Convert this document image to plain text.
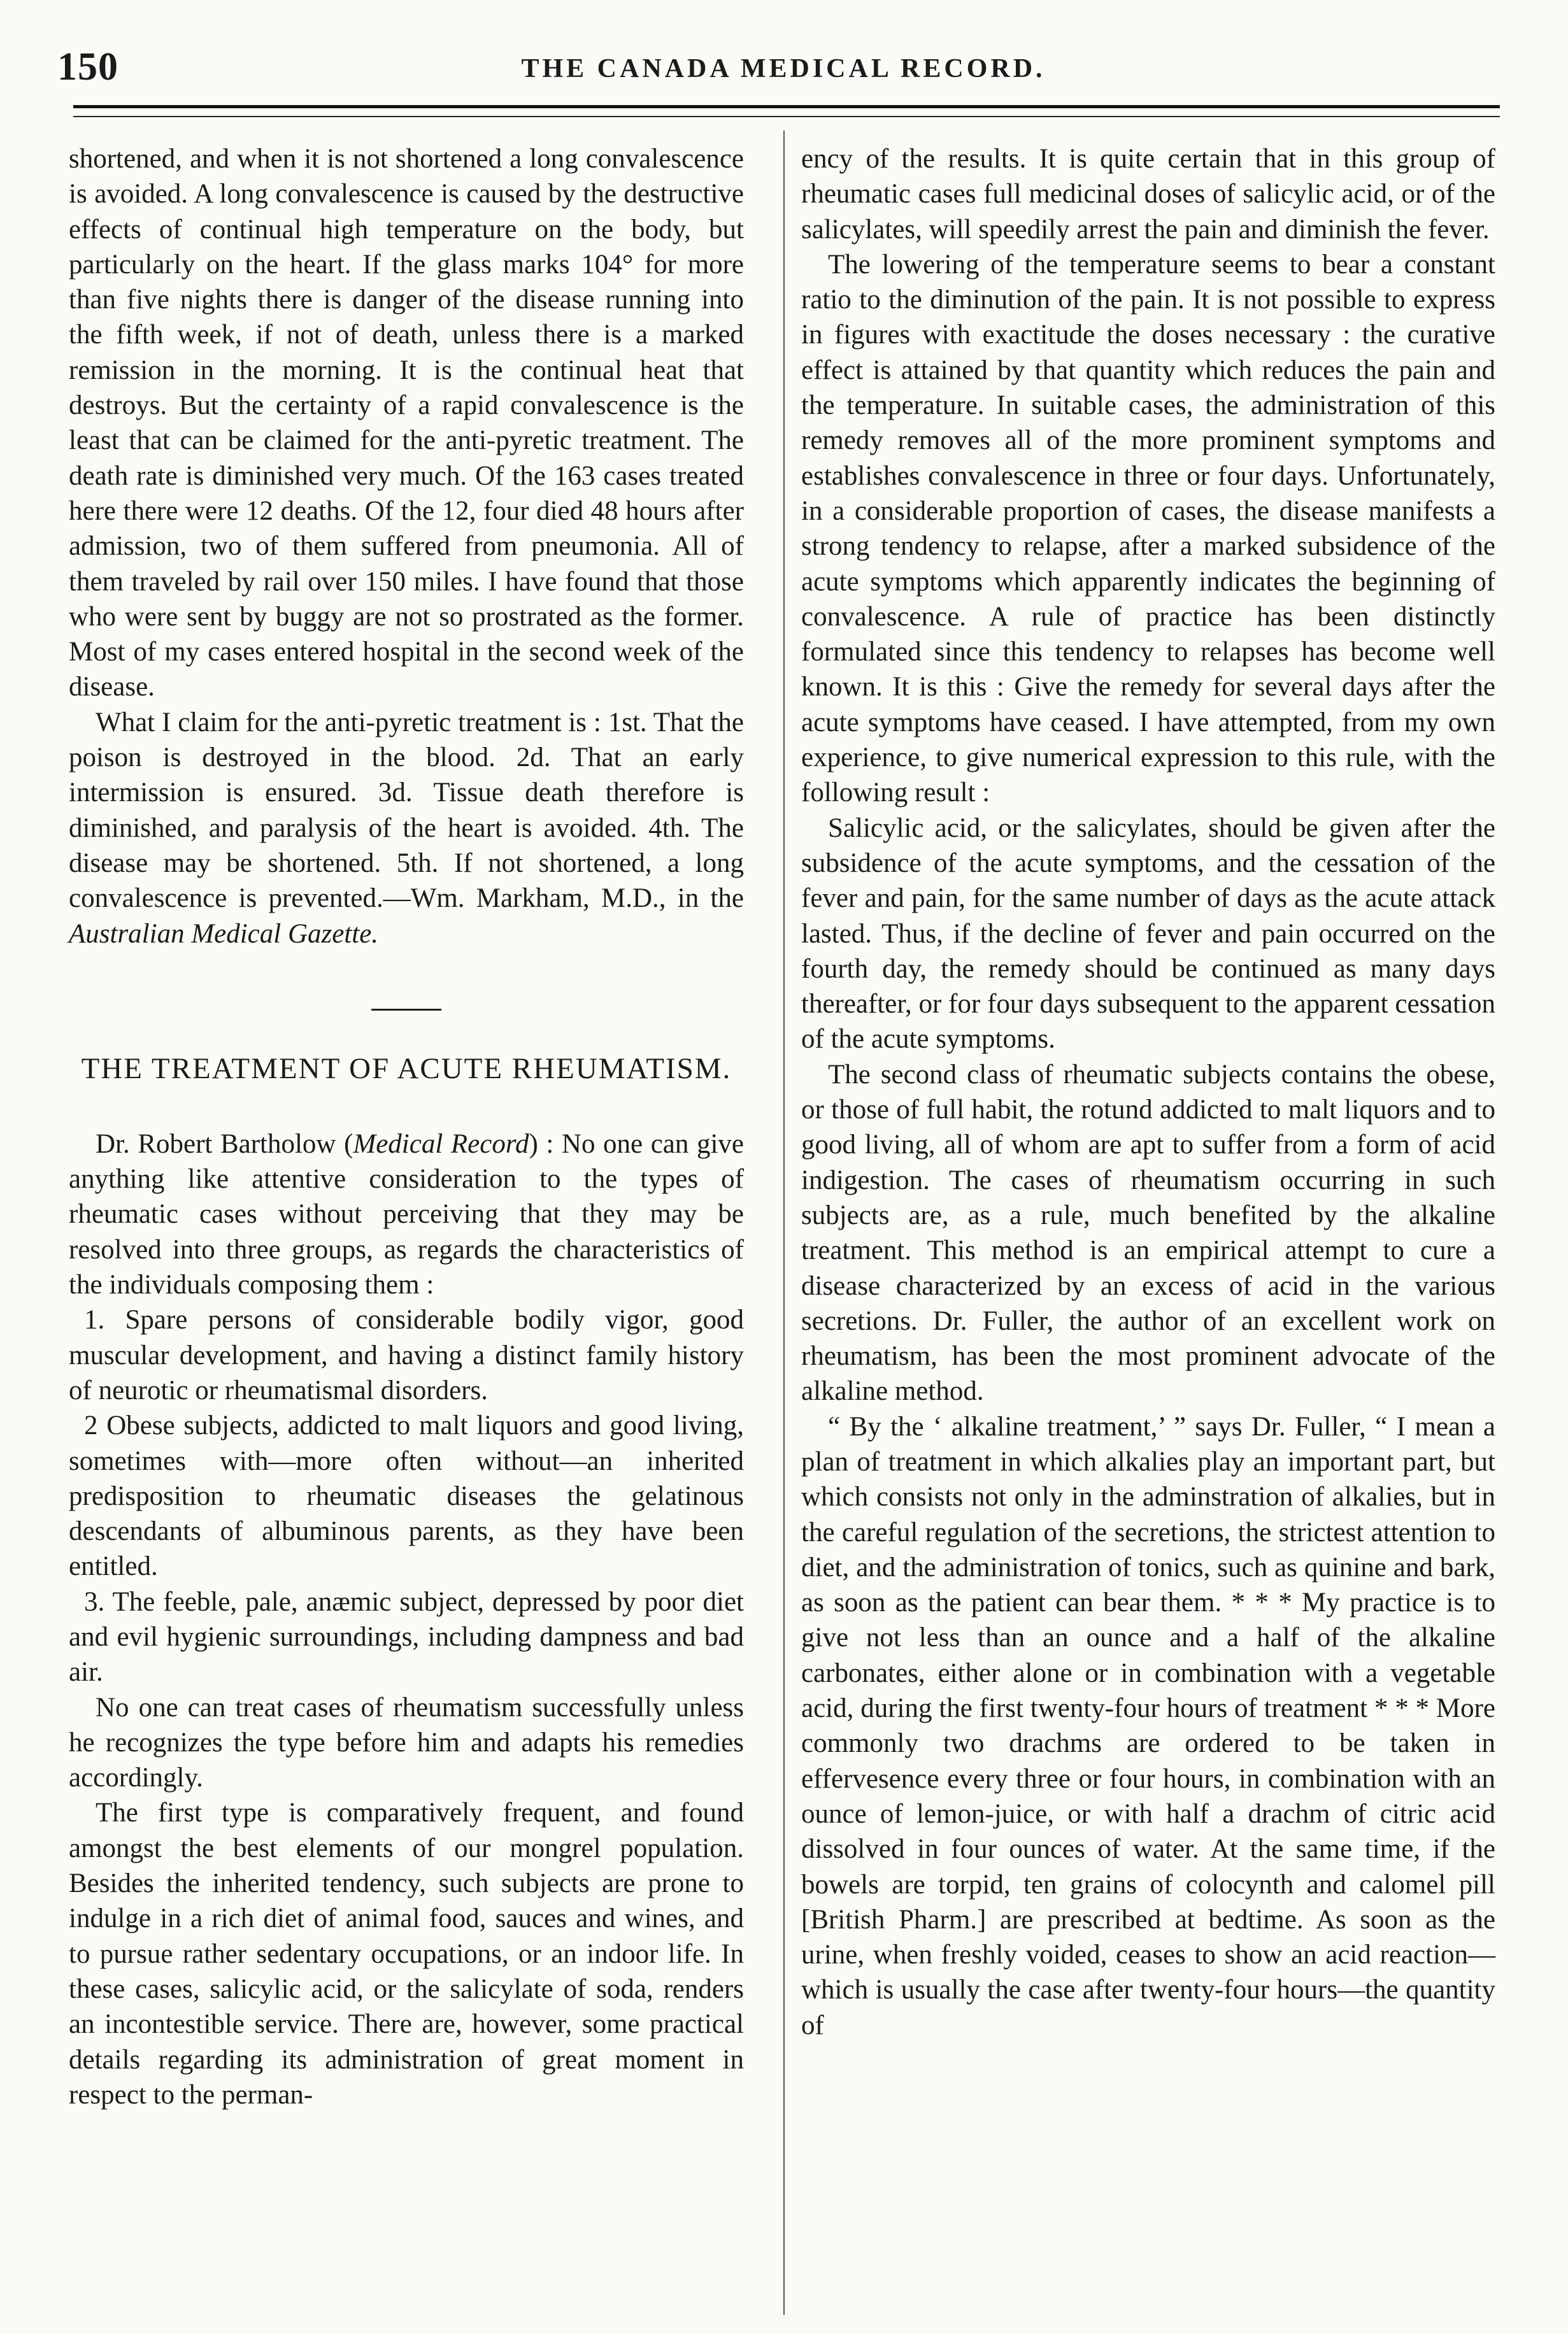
150	THE CANADA MEDICAL RECORD.

shortened, and when it is not shortened a long convalescence is avoided. A long convalescence is caused by the destructive effects of continual high temperature on the body, but particularly on the heart. If the glass marks 104° for more than five nights there is danger of the disease running into the fifth week, if not of death, unless there is a marked remission in the morning. It is the continual heat that destroys. But the certainty of a rapid convalescence is the least that can be claimed for the anti-pyretic treatment. The death rate is diminished very much. Of the 163 cases treated here there were 12 deaths. Of the 12, four died 48 hours after admission, two of them suffered from pneumonia. All of them traveled by rail over 150 miles. I have found that those who were sent by buggy are not so prostrated as the former. Most of my cases entered hospital in the second week of the disease.

What I claim for the anti-pyretic treatment is : 1st. That the poison is destroyed in the blood. 2d. That an early intermission is ensured. 3d. Tissue death therefore is diminished, and paralysis of the heart is avoided. 4th. The disease may be shortened. 5th. If not shortened, a long convalescence is prevented.—Wm. Markham, M.D., in the Australian Medical Gazette.

THE TREATMENT OF ACUTE RHEUMATISM.

Dr. Robert Bartholow (Medical Record) : No one can give anything like attentive consideration to the types of rheumatic cases without perceiving that they may be resolved into three groups, as regards the characteristics of the individuals composing them :

1. Spare persons of considerable bodily vigor, good muscular development, and having a distinct family history of neurotic or rheumatismal disorders.

2 Obese subjects, addicted to malt liquors and good living, sometimes with—more often without—an inherited predisposition to rheumatic diseases the gelatinous descendants of albuminous parents, as they have been entitled.

3. The feeble, pale, anæmic subject, depressed by poor diet and evil hygienic surroundings, including dampness and bad air.

No one can treat cases of rheumatism successfully unless he recognizes the type before him and adapts his remedies accordingly.

The first type is comparatively frequent, and found amongst the best elements of our mongrel population. Besides the inherited tendency, such subjects are prone to indulge in a rich diet of animal food, sauces and wines, and to pursue rather sedentary occupations, or an indoor life. In these cases, salicylic acid, or the salicylate of soda, renders an incontestible service. There are, however, some practical details regarding its administration of great moment in respect to the perman-

ency of the results. It is quite certain that in this group of rheumatic cases full medicinal doses of salicylic acid, or of the salicylates, will speedily arrest the pain and diminish the fever.

The lowering of the temperature seems to bear a constant ratio to the diminution of the pain. It is not possible to express in figures with exactitude the doses necessary : the curative effect is attained by that quantity which reduces the pain and the temperature. In suitable cases, the administration of this remedy removes all of the more prominent symptoms and establishes convalescence in three or four days. Unfortunately, in a considerable proportion of cases, the disease manifests a strong tendency to relapse, after a marked subsidence of the acute symptoms which apparently indicates the beginning of convalescence. A rule of practice has been distinctly formulated since this tendency to relapses has become well known. It is this : Give the remedy for several days after the acute symptoms have ceased. I have attempted, from my own experience, to give numerical expression to this rule, with the following result :

Salicylic acid, or the salicylates, should be given after the subsidence of the acute symptoms, and the cessation of the fever and pain, for the same number of days as the acute attack lasted. Thus, if the decline of fever and pain occurred on the fourth day, the remedy should be continued as many days thereafter, or for four days subsequent to the apparent cessation of the acute symptoms.

The second class of rheumatic subjects contains the obese, or those of full habit, the rotund addicted to malt liquors and to good living, all of whom are apt to suffer from a form of acid indigestion. The cases of rheumatism occurring in such subjects are, as a rule, much benefited by the alkaline treatment. This method is an empirical attempt to cure a disease characterized by an excess of acid in the various secretions. Dr. Fuller, the author of an excellent work on rheumatism, has been the most prominent advocate of the alkaline method.

“ By the ‘ alkaline treatment,’ ” says Dr. Fuller, “ I mean a plan of treatment in which alkalies play an important part, but which consists not only in the adminstration of alkalies, but in the careful regulation of the secretions, the strictest attention to diet, and the administration of tonics, such as quinine and bark, as soon as the patient can bear them. * * * My practice is to give not less than an ounce and a half of the alkaline carbonates, either alone or in combination with a vegetable acid, during the first twenty-four hours of treatment * * * More commonly two drachms are ordered to be taken in effervesence every three or four hours, in combination with an ounce of lemon-juice, or with half a drachm of citric acid dissolved in four ounces of water. At the same time, if the bowels are torpid, ten grains of colocynth and calomel pill [British Pharm.] are prescribed at bedtime. As soon as the urine, when freshly voided, ceases to show an acid reaction—which is usually the case after twenty-four hours—the quantity of
